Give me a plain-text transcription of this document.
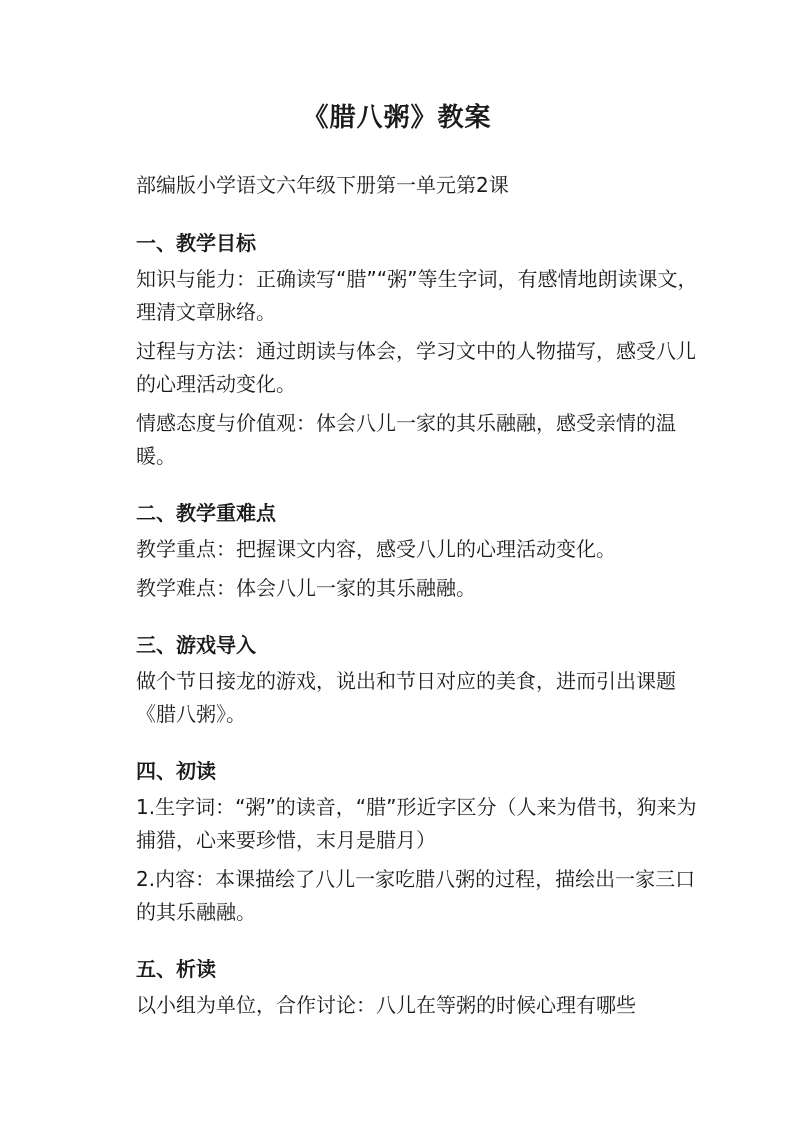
《腊八粥》教案
部编版小学语文六年级下册第一单元第2课
一、教学目标

知识与能力：正确读写“腊”“粥”等生字词，有感情地朗读课文，理清文章脉络。

过程与方法：通过朗读与体会，学习文中的人物描写，感受八儿的心理活动变化。

情感态度与价值观：体会八儿一家的其乐融融，感受亲情的温暖。

二、教学重难点

教学重点：把握课文内容，感受八儿的心理活动变化。

教学难点：体会八儿一家的其乐融融。

三、游戏导入

做个节日接龙的游戏，说出和节日对应的美食，进而引出课题《腊八粥》。

四、初读

1.生字词：“粥”的读音，“腊”形近字区分（人来为借书，狗来为捕猎，心来要珍惜，末月是腊月）

2.内容：本课描绘了八儿一家吃腊八粥的过程，描绘出一家三口的其乐融融。

五、析读

以小组为单位，合作讨论：八儿在等粥的时候心理有哪些
